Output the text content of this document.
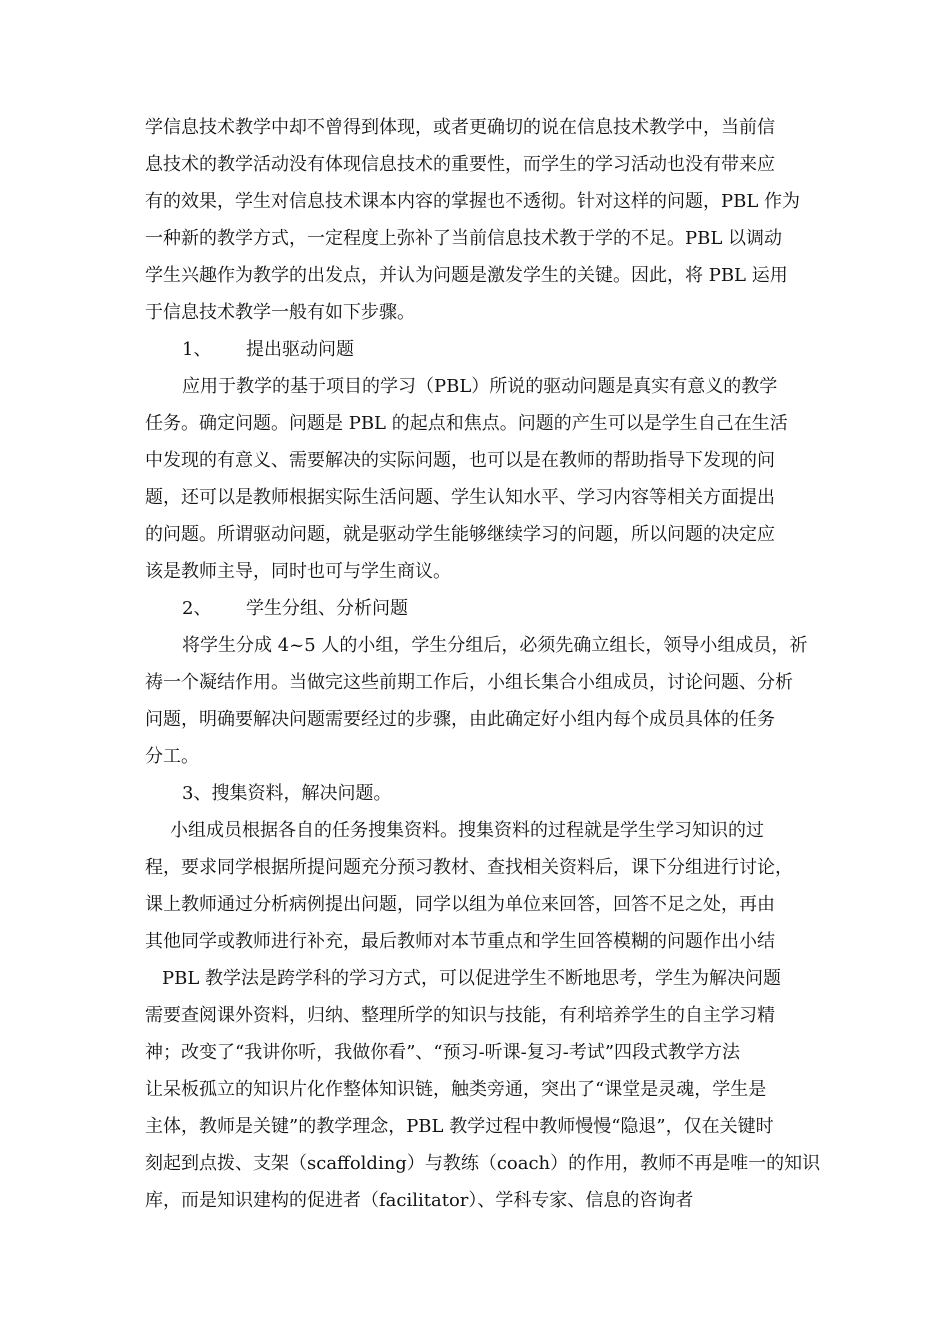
学信息技术教学中却不曾得到体现，或者更确切的说在信息技术教学中，当前信
息技术的教学活动没有体现信息技术的重要性，而学生的学习活动也没有带来应
有的效果，学生对信息技术课本内容的掌握也不透彻。针对这样的问题，PBL 作为
一种新的教学方式，一定程度上弥补了当前信息技术教于学的不足。PBL 以调动
学生兴趣作为教学的出发点，并认为问题是激发学生的关键。因此，将 PBL 运用
于信息技术教学一般有如下步骤。
1、 提出驱动问题
应用于教学的基于项目的学习（PBL）所说的驱动问题是真实有意义的教学
任务。确定问题。问题是 PBL 的起点和焦点。问题的产生可以是学生自己在生活
中发现的有意义、需要解决的实际问题，也可以是在教师的帮助指导下发现的问
题，还可以是教师根据实际生活问题、学生认知水平、学习内容等相关方面提出
的问题。所谓驱动问题，就是驱动学生能够继续学习的问题，所以问题的决定应
该是教师主导，同时也可与学生商议。
2、 学生分组、分析问题
将学生分成 4~5 人的小组，学生分组后，必须先确立组长，领导小组成员，祈
祷一个凝结作用。当做完这些前期工作后，小组长集合小组成员，讨论问题、分析
问题，明确要解决问题需要经过的步骤，由此确定好小组内每个成员具体的任务
分工。
3、搜集资料，解决问题。
小组成员根据各自的任务搜集资料。搜集资料的过程就是学生学习知识的过
程，要求同学根据所提问题充分预习教材、查找相关资料后，课下分组进行讨论，
课上教师通过分析病例提出问题，同学以组为单位来回答，回答不足之处，再由
其他同学或教师进行补充，最后教师对本节重点和学生回答模糊的问题作出小结
PBL 教学法是跨学科的学习方式，可以促进学生不断地思考，学生为解决问题
需要查阅课外资料，归纳、整理所学的知识与技能，有利培养学生的自主学习精
神；改变了“我讲你听，我做你看”、“预习-听课-复习-考试”四段式教学方法
让呆板孤立的知识片化作整体知识链，触类旁通，突出了“课堂是灵魂，学生是
主体，教师是关键”的教学理念，PBL 教学过程中教师慢慢“隐退”，仅在关键时
刻起到点拨、支架（scaffolding）与教练（coach）的作用，教师不再是唯一的知识
库，而是知识建构的促进者（facilitator）、学科专家、信息的咨询者
